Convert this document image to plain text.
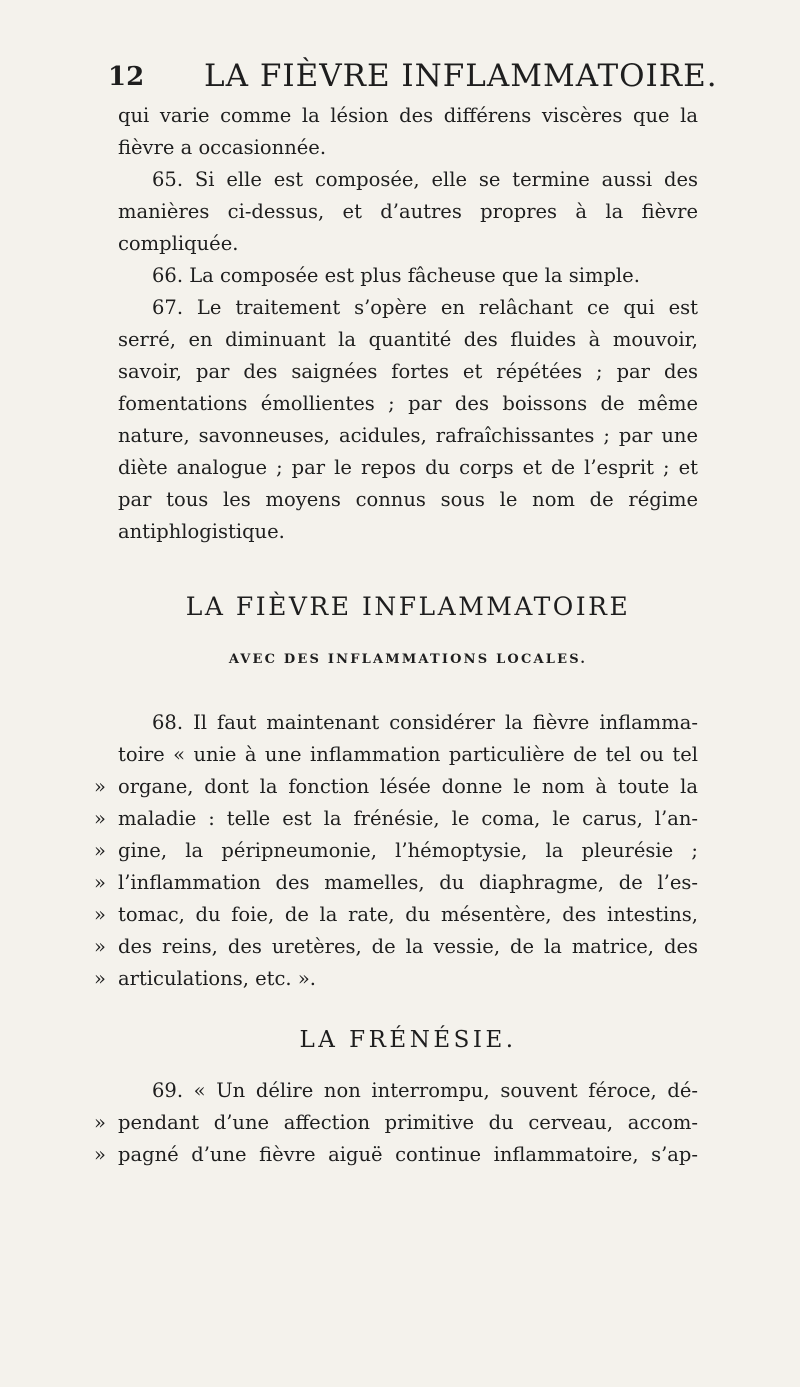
12 LA FIÈVRE INFLAMMATOIRE.

qui varie comme la lésion des différens viscères que la fièvre a occasionnée.

65. Si elle est composée, elle se termine aussi des manières ci-dessus, et d’autres propres à la fièvre compliquée.

66. La composée est plus fâcheuse que la simple.

67. Le traitement s’opère en relâchant ce qui est serré, en diminuant la quantité des fluides à mouvoir, savoir, par des saignées fortes et répétées ; par des fomentations émollientes ; par des boissons de même nature, savonneuses, acidules, rafraîchissantes ; par une diète analogue ; par le repos du corps et de l’esprit ; et par tous les moyens connus sous le nom de régime antiphlogistique.

LA FIÈVRE INFLAMMATOIRE
AVEC DES INFLAMMATIONS LOCALES.
68. Il faut maintenant considérer la fièvre inflamma-
toire « unie à une inflammation particulière de tel ou tel
» organe, dont la fonction lésée donne le nom à toute la
» maladie : telle est la frénésie, le coma, le carus, l’an-
» gine, la péripneumonie, l’hémoptysie, la pleurésie ;
» l’inflammation des mamelles, du diaphragme, de l’es-
» tomac, du foie, de la rate, du mésentère, des intestins,
» des reins, des uretères, de la vessie, de la matrice, des
» articulations, etc. ».
LA FRÉNÉSIE.
69. « Un délire non interrompu, souvent féroce, dé-
» pendant d’une affection primitive du cerveau, accom-
» pagné d’une fièvre aiguë continue inflammatoire, s’ap-
